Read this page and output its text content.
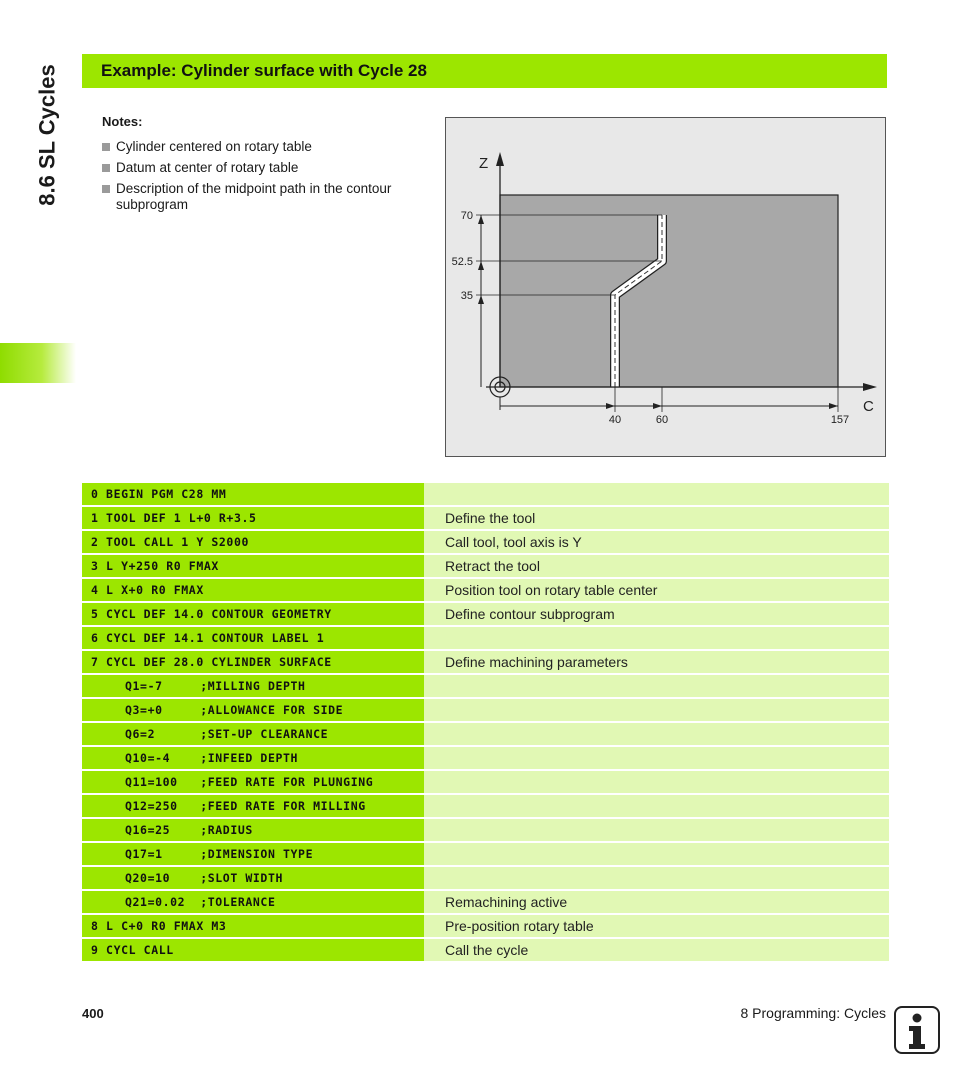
8.6 SL Cycles Example: Cylinder surface with Cycle 28
Notes:
Cylinder centered on rotary table
Datum at center of rotary table
Description of the midpoint path in the contour subprogram
Z
C
70
52.5
35
40	60	157
0 BEGIN PGM C28 MM
1 TOOL DEF 1 L+0 R+3.5	Define the tool
2 TOOL CALL 1 Y S2000	Call tool, tool axis is Y
3 L Y+250 R0 FMAX	Retract the tool
4 L X+0 R0 FMAX	Position tool on rotary table center
5 CYCL DEF 14.0 CONTOUR GEOMETRY	Define contour subprogram
6 CYCL DEF 14.1 CONTOUR LABEL 1
7 CYCL DEF 28.0 CYLINDER SURFACE	Define machining parameters
Q1=-7     ;MILLING DEPTH
Q3=+0     ;ALLOWANCE FOR SIDE
Q6=2      ;SET-UP CLEARANCE
Q10=-4    ;INFEED DEPTH
Q11=100   ;FEED RATE FOR PLUNGING
Q12=250   ;FEED RATE FOR MILLING
Q16=25    ;RADIUS
Q17=1     ;DIMENSION TYPE
Q20=10    ;SLOT WIDTH
Q21=0.02  ;TOLERANCE	Remachining active
8 L C+0 R0 FMAX M3	Pre-position rotary table
9 CYCL CALL	Call the cycle
400	8 Programming: Cycles
